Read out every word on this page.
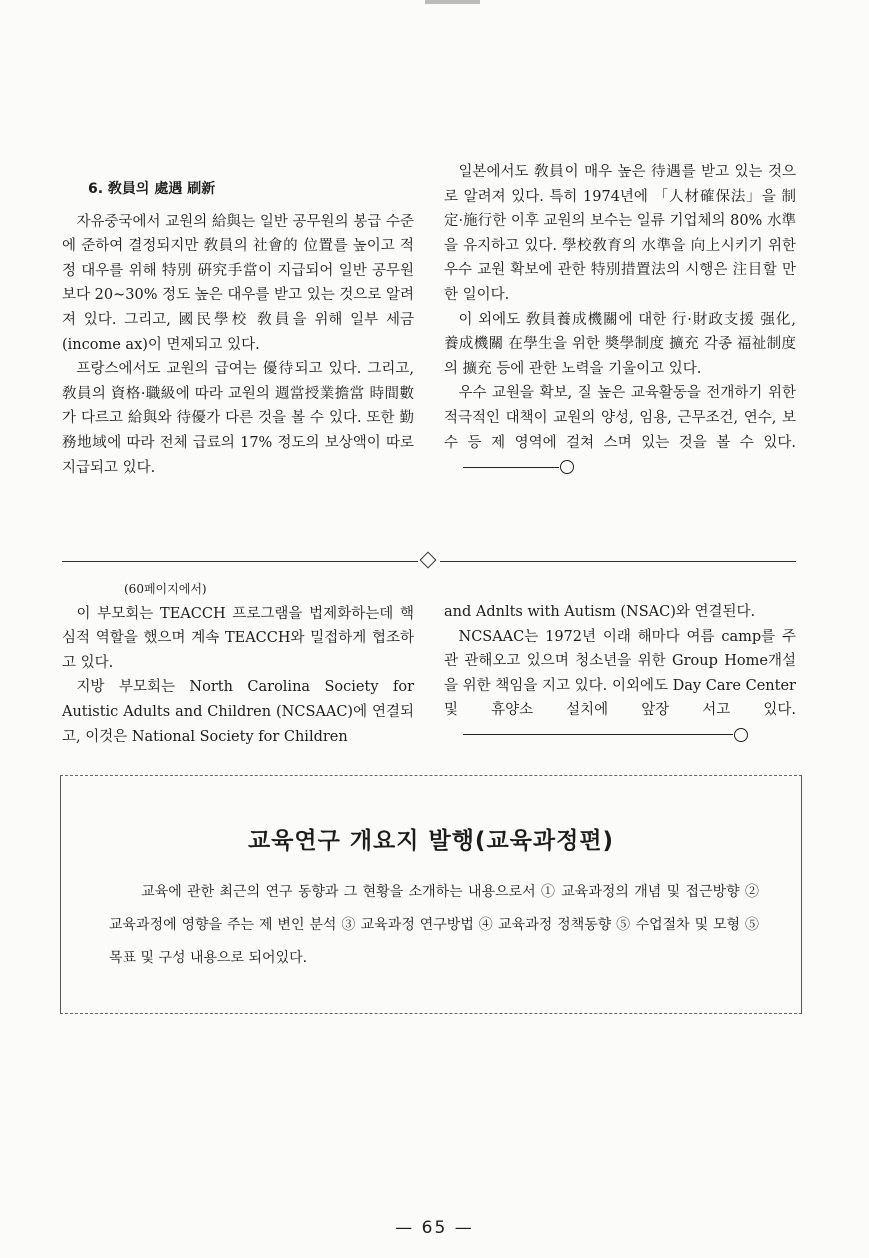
6. 敎員의 處遇 刷新

자유중국에서 교원의 給與는 일반 공무원의 봉급 수준에 준하여 결정되지만 敎員의 社會的 位置를 높이고 적정 대우를 위해 特別 硏究手當이 지급되어 일반 공무원보다 20~30% 정도 높은 대우를 받고 있는 것으로 알려져 있다. 그리고, 國民學校 敎員을 위해 일부 세금(income ax)이 면제되고 있다.

프랑스에서도 교원의 급여는 優待되고 있다. 그리고, 敎員의 資格·職級에 따라 교원의 週當授業擔當 時間數가 다르고 給與와 待優가 다른 것을 볼 수 있다. 또한 勤務地域에 따라 전체 급료의 17% 정도의 보상액이 따로 지급되고 있다.

일본에서도 敎員이 매우 높은 待遇를 받고 있는 것으로 알려져 있다. 특히 1974년에 「人材確保法」을 制定·施行한 이후 교원의 보수는 일류 기업체의 80% 水準을 유지하고 있다. 學校敎育의 水準을 向上시키기 위한 우수 교원 확보에 관한 特別措置法의 시행은 注目할 만한 일이다.

이 외에도 敎員養成機關에 대한 行·財政支援 强化, 養成機關 在學生을 위한 奬學制度 擴充 각종 福祉制度의 擴充 등에 관한 노력을 기울이고 있다.

우수 교원을 확보, 질 높은 교육활동을 전개하기 위한 적극적인 대책이 교원의 양성, 임용, 근무조건, 연수, 보수 등 제 영역에 걸쳐 스며 있는 것을 볼 수 있다.

(60페이지에서)

이 부모회는 TEACCH 프로그램을 법제화하는데 핵심적 역할을 했으며 계속 TEACCH와 밀접하게 협조하고 있다.

지방 부모회는 North Carolina Society for Autistic Adults and Children (NCSAAC)에 연결되고, 이것은 National Society for Children

and Adnlts with Autism (NSAC)와 연결된다.

NCSAAC는 1972년 이래 해마다 여름 camp를 주관 관해오고 있으며 청소년을 위한 Group Home개설을 위한 책임을 지고 있다. 이외에도 Day Care Center 및 휴양소 설치에 앞장 서고 있다.

교육연구 개요지 발행(교육과정편)

교육에 관한 최근의 연구 동향과 그 현황을 소개하는 내용으로서 ① 교육과정의 개념 및 접근방향 ② 교육과정에 영향을 주는 제 변인 분석 ③ 교육과정 연구방법 ④ 교육과정 정책동향 ⑤ 수업절차 및 모형 ⑤ 목표 및 구성 내용으로 되어있다.

— 65 —
